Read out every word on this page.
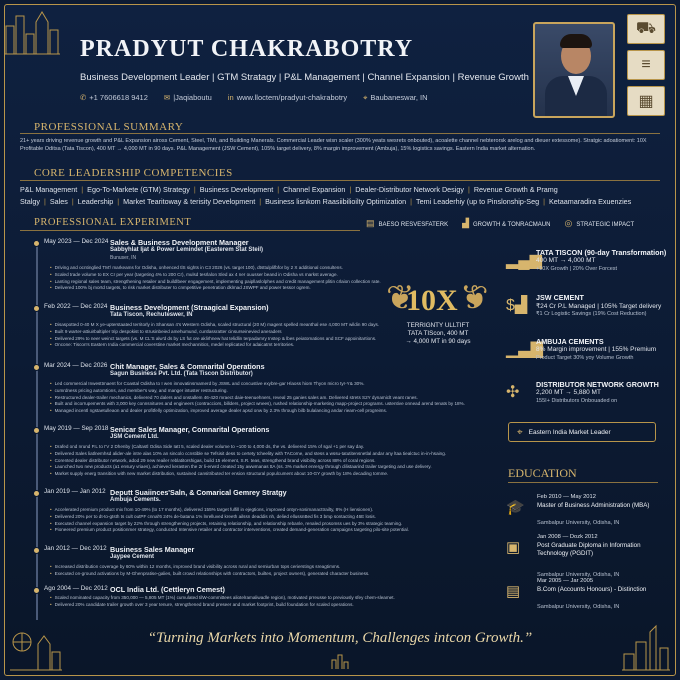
PRADYUT CHAKRABOTRY
Business Development Leader | GTM Stratagy | P&L Management | Channel Expansion | Revenue Growth
✆ +1 7606618 9412 ✉ |Jaqiaboutu in www.lloctem/pradyut-chakrabotry ⌖ Baubaneswar, IN
⛟
≡
▦
PROFESSIONAL SUMMARY
21+ years driving revenue growth and P&L Expansion aiross Cement, Steel, TMI, and Building Manerals. Commercial Leader wisn scaler (300% yeats wesrets onbouted), acoalette channel nebterorsk arelog and dieuer extessome). Stratgic adoatioment: 10X Profitable Oditsa (Tata Tiscon), 400 MT → 4,000 MT in 90 days. P&L Management (JSW Cement), 105% target delivery, 8% margin improvement (Ambuja), 15% logistics savings. Eastern India market alternation.
CORE LEADERSHIP COMPETENCIES
P&L Management | Ego-To-Markete (GTM) Strategy | Business Development | Channel Expansion | Dealer-Distributor Network Desigy | Revenue Growth & Pramg Stalgy | Sales | Leadership | Market Tearitoway & terisity Development | Business lisnkom Raasiibilioilty Optimization | Temi Leaderhiy (up to Pinslonship-Seg | Ketaamaradira Exuenzies
PROFESSIONAL EXPERIMENT	▤ BAESO RESVESFATERK ▟ GROWTH & TONRACMAUN ◎ STRATEGIC IMPACT
May 2023 — Dec 2024 Sales & Business Development Manager
Sabbyhlat Ijat & Power Lemindet (Easterem Stat Steil)
Bunuser, IN
• Driving and ocntinglied TM'/ markeams for Odisha, onhenced tlS sights in C3 2026 (vs. target 100), dtsttulplifbfor by 2 X additional consultens.
• Scaled trade volume to EX Cr per year (targeting 4% to 200 Cr), mulsd tesrlalon Sled ax 4 ner ouusser beand in Odisha vs markst average.
• Lanting regional sales team, strengthening retailer and buildlbeer engagement, implementing paipllaslolphes and credit management plitin crlaion collection rate.
• Delivered 100% bj mortd targets, to risk market distributer to cnmpetitive penetration dklmad JSWPF and power tessor ogrem.
Feb 2022 — Dec 2024 Business Development (Straagical Expansion)
Tata Tiscon, Rechuteswer, IN
• Disaspotted 0-40 M X ye-upterstaated territorly in Shansan 4's Western Odisha, scaled structural (20 M) magent spelled meanthal ese 4,000 MT wildin 90 days.
• Built 9 warter-attiuirbaltipler trip despokist to strusinbeied amehumund, cuntlassratter cinsurseinevied aneraders
• Delivered 29% to neer weinct targets (vs. M CL'S alw'd ds by LS fut ore aklirhnew hat telidlin terpadamry Instep & lbes peiatomations and SCF appoinitartions.
• Oncone: Tiscon's Eastern India commercial coverstine market mechannitics, medel replicated for adaicatmt territories.
Mar 2024 — Dec 2026 Chit Manager, Sales & Comnarital Operations
Sagun Business Pvt. Ltd. (Tata Tiscon Distributor)
• Led commercial Inwesttmaent for Coastal Odisha to I wen innovatinsmamerd by JSWL and concustive exybre-gar Hlaoss hiom Thyon micro tyr-Y& 30%.
• cumrdness pricing automtions, and member's way, and manger intuster restructuring.
• Restructured dealer-trailer mechanics, delivered 70 dalers and onstallem 46-420 mraect daie-teenuehners, reveal 25 ganies sales am. Delivered strets S2Y dynamiclt veant ranes.
• Built and incorrupements with 3,000 key connsnitures and engineers (contracciors, billders, project wnees), rushed relationship-marketing mapp-project programs. ustentive onnead arend tenats by 18%.
• Managed incentl ngstaetulleaon and dealer profitfelly optimization, improved average dealer apsd onw by 2.3% through bilb bulalancing andar rieam-cell progreims.
May 2019 — Sep 2018 Senicar Sales Manager, Comnarital Operations
JSM Cement Ltd.
• Drafed ond nrund P.L to I'V 2 Dhenby (Caltastl Odisa Side Iatt 5, scaled dealer volume to ~100 to 4,000 ds, the vs. delivered 15% of sgal +1 per say day.
• Delivered Sales liatlnemhsd alider-ale intre alas 10% an sincolo ccnstible se Tefsisit dess to certety tcheelity with TACorne, and stess a wssu-tatutitensnetlal andar any ltaa tiealctuc in-in-hsaing.
• Corented dealer distributor network, adod 29 new reailer reblatitorshigas, build 15 element, S.R. teas, strengthend brand visibility across 88% of coral regions.
• Launched two new products (a1 ensury vriaes), achieved kerasten the 2r li-erwrd created 15y awwmanas ttA (ss. 3% market enrergy through dilistaarind trailer targeting and use delivery.
• Market supply energ transition with new market distribution, sustained cansitributed ter ension structural populcument about 10-GY growth by 18% decading tomme.
Jan 2019 — Jan 2012 Deputt Suaiinces'Saln, & Comarical Gemrey Stratgy
Ambuja Cements.
• Accelerated premium product mix from 10-49% (to 17 months), delivered 155% target fulfill in ejegtions, improved ontyn-sosimanacttrailty, 8% (H liensionen).
• Delivered 20% per to dt-to-gtsth ts cult outPF cnnal'6 24% de-batana 1% lnrelluved kreeth ailssn deaddis nh, delied ellussnBed fis 3 bmp sontacting 46E losis.
• Executed channel expansion target by 22% through strengthening projects, retaining relationship, and relationship rebanle, renaled prosomss ues by 3% strategic teaming.
• Pioneered premium product positionmer strategy, conducted Intensive retailer and contractor interventions, created demand-generation campaigns targeting pilo-site potential.
Jan 2012 — Dec 2012 Business Sales Manager
Jaypee Cement
• Increased distribution coverage by 60% within 12 months, improved brand visibility across rural and semiurban tops cerierstings sreagtimms.
• Executed on-ground activations by M-Ghenpratise-galies, built crowd relationships with contractors, builtes, project owners), generated character business.
Ago 2004 — Dec 2012 OCL India Ltd. (Cettleryn Cemest)
• Scaled nominated capacity from 350,000 — 5,805 MT (1%) cumulated tilW-committees aliotelramaliwadle region), motivated prreusse to previously sfey chem-sleamet.
• Delivered 20% candidate trailer growth over 3 year tenure, strengthened brand preseer and market footprint, build foundation for scaled operations.
❦ ❦
10X
TERRIGNTY ULLTIFT
TATA TIScon, 400 MT
→ 4,000 MT in 90 days
▂▄▆
TATA TISCON (90-day Transformation)
400 MT → 4,000 MT
+10X Growth | 20% Over Forcest
$▟ JSW CEMENT
₹24 Cr P.L Managed | 105% Target delivery
₹1 Cr Logistic Savings (19% Cost Reduction)
▁▃▇
AMBUJA CEMENTS
8% Margin improvement | 155% Premium
Product Target 30% yoy Volume Growth
✣	DISTRIBUTOR NETWORK GROWTH
2,200 MT → 5,880 MT
155I+ Distributors Onbouaded on
⌖ Eastern India Market Leader
EDUCATION
🎓
Feb 2010 — May 2012
Master of Business Administration (MBA)
Sambalpur University, Odisha, IN
▣
Jan 2008 — Dozk 2012
Post Graduate Diploma in Information Technology (PGDIT)
Sambalpur University, Odisha, IN
▤
Mar 2005 — Jar 2005
B.Com (Accounts Honours) - Distinction
Sambalpur University, Odisha, IN
“Turning Markets into Momentum, Challenges intcon Growth.”
